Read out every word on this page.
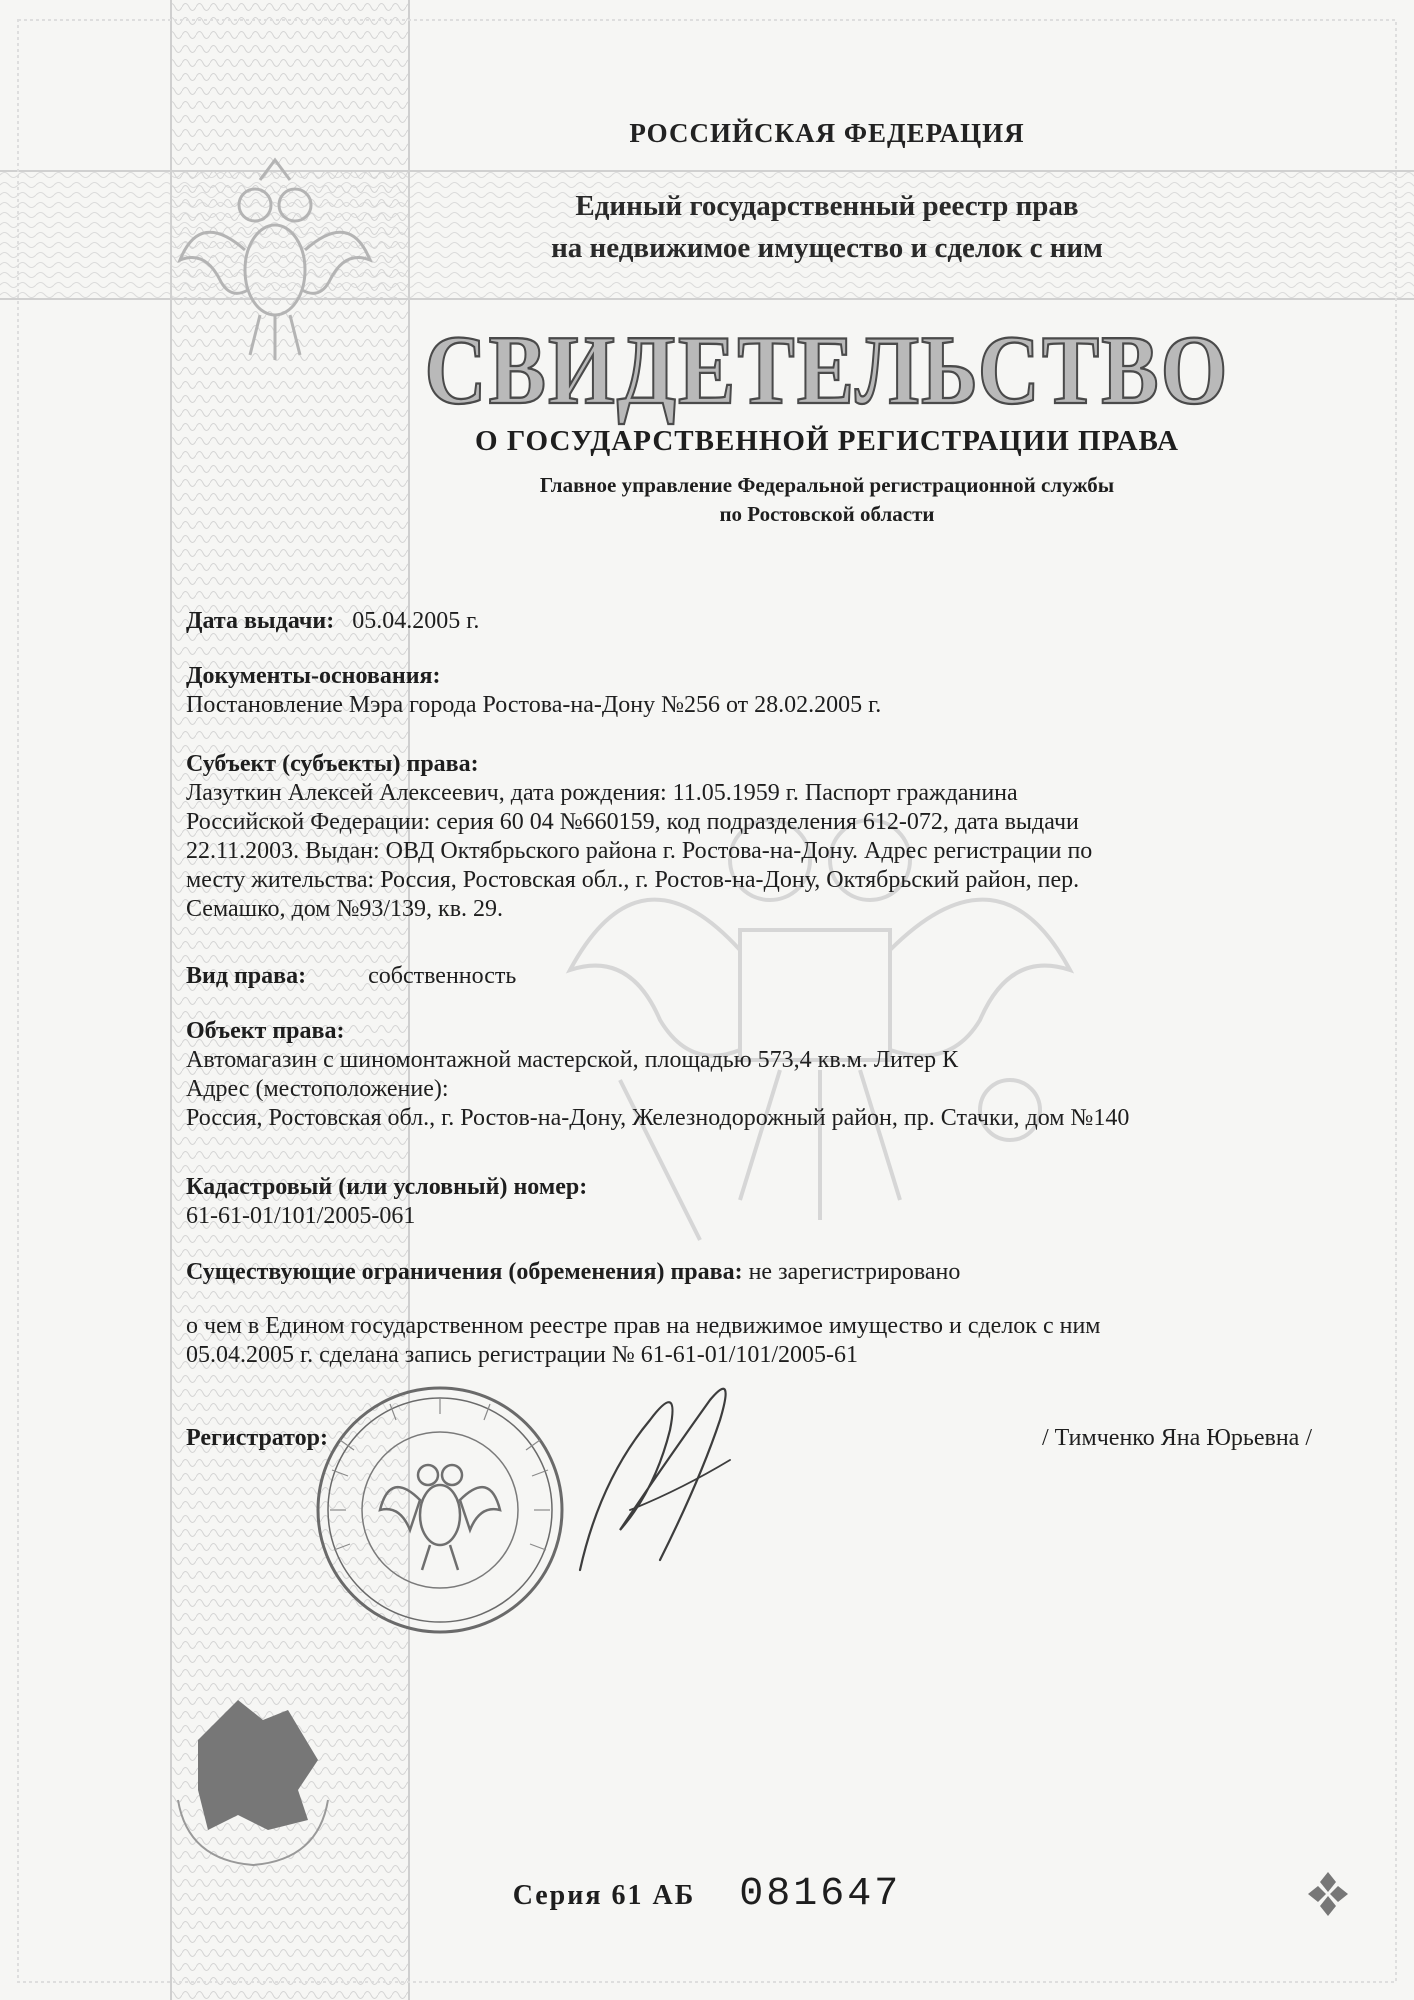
РОССИЙСКАЯ ФЕДЕРАЦИЯ

Единый государственный реестр прав

на недвижимое имущество и сделок с ним

СВИДЕТЕЛЬСТВО

О ГОСУДАРСТВЕННОЙ РЕГИСТРАЦИИ ПРАВА

Главное управление Федеральной регистрационной службы

по Ростовской области

Дата выдачи: 05.04.2005 г.

Документы-основания:

Постановление Мэра города Ростова-на-Дону №256 от 28.02.2005 г.

Субъект (субъекты) права:

Лазуткин Алексей Алексеевич, дата рождения: 11.05.1959 г. Паспорт гражданина

Российской Федерации: серия 60 04 №660159, код подразделения 612-072, дата выдачи

22.11.2003. Выдан: ОВД Октябрьского района г. Ростова-на-Дону. Адрес регистрации по

месту жительства: Россия, Ростовская обл., г. Ростов-на-Дону, Октябрьский район, пер.

Семашко, дом №93/139, кв. 29.

Вид права:	собственность

Объект права:

Автомагазин с шиномонтажной мастерской, площадью 573,4 кв.м. Литер К

Адрес (местоположение):

Россия, Ростовская обл., г. Ростов-на-Дону, Железнодорожный район, пр. Стачки, дом №140

Кадастровый (или условный) номер:

61-61-01/101/2005-061

Существующие ограничения (обременения) права: не зарегистрировано

о чем в Едином государственном реестре прав на недвижимое имущество и сделок с ним

05.04.2005 г. сделана запись регистрации № 61-61-01/101/2005-61

Регистратор:	/ Тимченко Яна Юрьевна /
Серия 61 АБ 081647
